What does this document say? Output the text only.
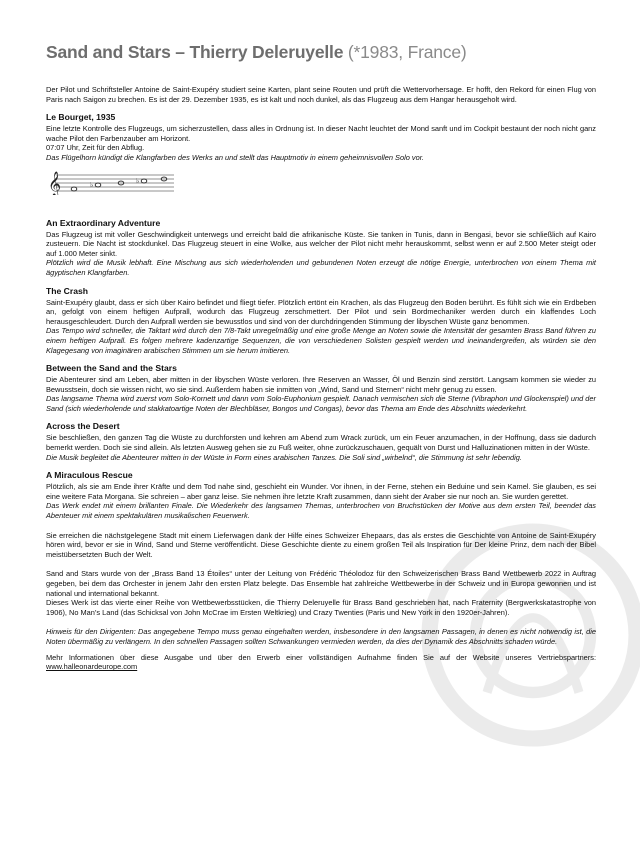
Sand and Stars – Thierry Deleruyelle (*1983, France)

Der Pilot und Schriftsteller Antoine de Saint-Exupéry studiert seine Karten, plant seine Routen und prüft die Wettervorhersage. Er hofft, den Rekord für einen Flug von Paris nach Saigon zu brechen. Es ist der 29. Dezember 1935, es ist kalt und noch dunkel, als das Flugzeug aus dem Hangar herausgeholt wird.

Le Bourget, 1935

Eine letzte Kontrolle des Flugzeugs, um sicherzustellen, dass alles in Ordnung ist. In dieser Nacht leuchtet der Mond sanft und im Cockpit bestaunt der noch nicht ganz wache Pilot den Farbenzauber am Horizont.

07:07 Uhr, Zeit für den Abflug.

Das Flügelhorn kündigt die Klangfarben des Werks an und stellt das Hauptmotiv in einem geheimnisvollen Solo vor.

𝄞	♭	♭
An Extraordinary Adventure

Das Flugzeug ist mit voller Geschwindigkeit unterwegs und erreicht bald die afrikanische Küste. Sie tanken in Tunis, dann in Bengasi, bevor sie schließlich auf Kairo zusteuern. Die Nacht ist stockdunkel. Das Flugzeug steuert in eine Wolke, aus welcher der Pilot nicht mehr herauskommt, selbst wenn er auf 2.500 Meter steigt oder auf 1.000 Meter sinkt.

Plötzlich wird die Musik lebhaft. Eine Mischung aus sich wiederholenden und gebundenen Noten erzeugt die nötige Energie, unterbrochen von einem Thema mit ägyptischen Klangfarben.

The Crash

Saint-Exupéry glaubt, dass er sich über Kairo befindet und fliegt tiefer. Plötzlich ertönt ein Krachen, als das Flugzeug den Boden berührt. Es fühlt sich wie ein Erdbeben an, gefolgt von einem heftigen Aufprall, wodurch das Flugzeug zerschmettert. Der Pilot und sein Bordmechaniker werden durch ein klaffendes Loch herausgeschleudert. Durch den Aufprall werden sie bewusstlos und sind von der durchdringenden Stimmung der libyschen Wüste ganz benommen.

Das Tempo wird schneller, die Taktart wird durch den 7/8-Takt unregelmäßig und eine große Menge an Noten sowie die Intensität der gesamten Brass Band führen zu einem heftigen Aufprall. Es folgen mehrere kadenzartige Sequenzen, die von verschiedenen Solisten gespielt werden und ineinandergreifen, als würden sie den Klagegesang von imaginären arabischen Stimmen um sie herum imitieren.

Between the Sand and the Stars

Die Abenteurer sind am Leben, aber mitten in der libyschen Wüste verloren. Ihre Reserven an Wasser, Öl und Benzin sind zerstört. Langsam kommen sie wieder zu Bewusstsein, doch sie wissen nicht, wo sie sind. Außerdem haben sie inmitten von „Wind, Sand und Sternen“ nicht mehr genug zu essen.

Das langsame Thema wird zuerst vom Solo-Kornett und dann vom Solo-Euphonium gespielt. Danach vermischen sich die Sterne (Vibraphon und Glockenspiel) und der Sand (sich wiederholende und stakkatoartige Noten der Blechbläser, Bongos und Congas), bevor das Thema am Ende des Abschnitts wiederkehrt.

Across the Desert

Sie beschließen, den ganzen Tag die Wüste zu durchforsten und kehren am Abend zum Wrack zurück, um ein Feuer anzumachen, in der Hoffnung, dass sie dadurch bemerkt werden. Doch sie sind allein. Als letzten Ausweg gehen sie zu Fuß weiter, ohne zurückzuschauen, gequält von Durst und Halluzinationen mitten in der Wüste.

Die Musik begleitet die Abenteurer mitten in der Wüste in Form eines arabischen Tanzes. Die Soli sind „wirbelnd“, die Stimmung ist sehr lebendig.

A Miraculous Rescue

Plötzlich, als sie am Ende ihrer Kräfte und dem Tod nahe sind, geschieht ein Wunder. Vor ihnen, in der Ferne, stehen ein Beduine und sein Kamel. Sie glauben, es sei eine weitere Fata Morgana. Sie schreien – aber ganz leise. Sie nehmen ihre letzte Kraft zusammen, dann sieht der Araber sie nur noch an. Sie wurden gerettet.

Das Werk endet mit einem brillanten Finale. Die Wiederkehr des langsamen Themas, unterbrochen von Bruchstücken der Motive aus dem ersten Teil, beendet das Abenteuer mit einem spektakulären musikalischen Feuerwerk.

Sie erreichen die nächstgelegene Stadt mit einem Lieferwagen dank der Hilfe eines Schweizer Ehepaars, das als erstes die Geschichte von Antoine de Saint-Exupéry hören wird, bevor er sie in Wind, Sand und Sterne veröffentlicht. Diese Geschichte diente zu einem großen Teil als Inspiration für Der kleine Prinz, dem nach der Bibel meistübersetzten Buch der Welt.

Sand and Stars wurde von der „Brass Band 13 Étoiles“ unter der Leitung von Frédéric Théolodoz für den Schweizerischen Brass Band Wettbewerb 2022 in Auftrag gegeben, bei dem das Orchester in jenem Jahr den ersten Platz belegte. Das Ensemble hat zahlreiche Wettbewerbe in der Schweiz und in Europa gewonnen und ist national und international bekannt.

Dieses Werk ist das vierte einer Reihe von Wettbewerbsstücken, die Thierry Deleruyelle für Brass Band geschrieben hat, nach Fraternity (Bergwerkskatastrophe von 1906), No Man’s Land (das Schicksal von John McCrae im Ersten Weltkrieg) und Crazy Twenties (Paris und New York in den 1920er-Jahren).

Hinweis für den Dirigenten: Das angegebene Tempo muss genau eingehalten werden, insbesondere in den langsamen Passagen, in denen es nicht notwendig ist, die Noten übermäßig zu verlängern. In den schnellen Passagen sollten Schwankungen vermieden werden, da dies der Dynamik des Abschnitts schaden würde.

Mehr Informationen über diese Ausgabe und über den Erwerb einer vollständigen Aufnahme finden Sie auf der Website unseres Vertriebspartners: www.halleonardeurope.com
